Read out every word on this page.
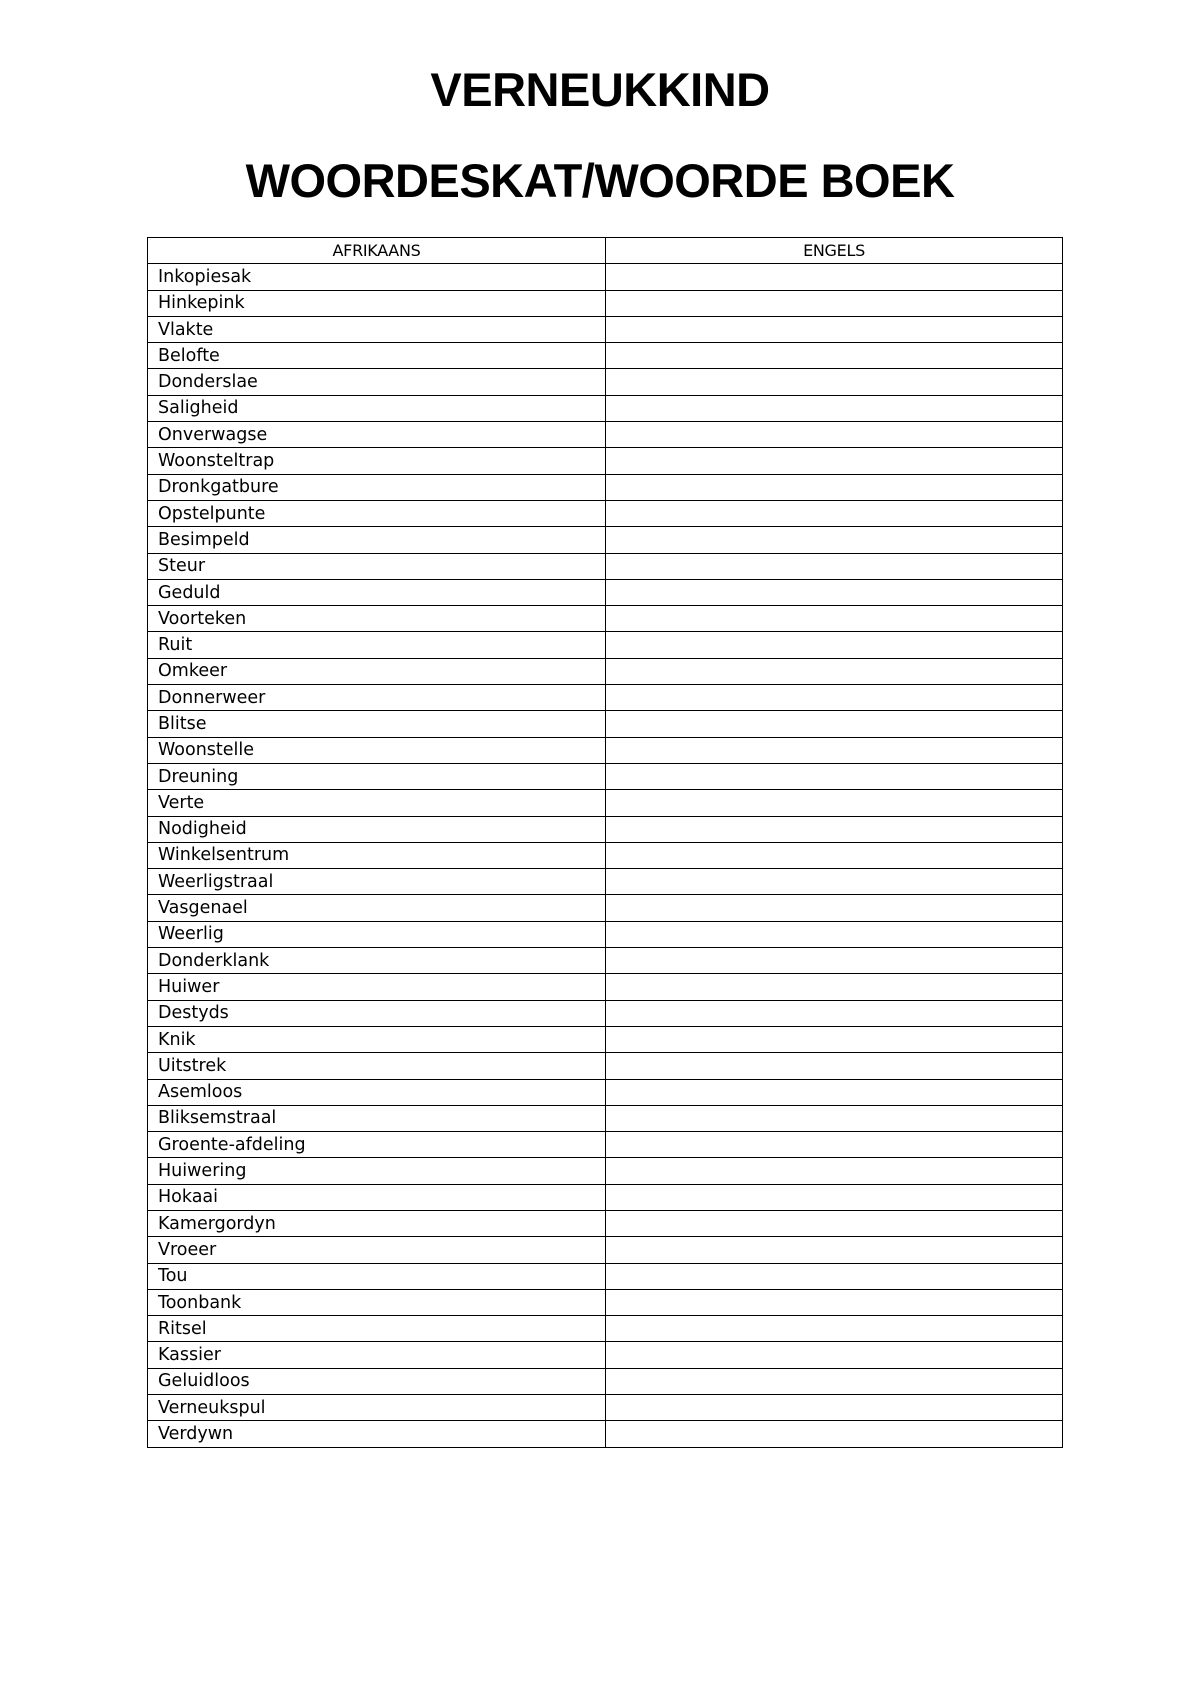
VERNEUKKIND
WOORDESKAT/WOORDE BOEK
AFRIKAANS	ENGELS
Inkopiesak	
Hinkepink	
Vlakte	
Belofte	
Donderslae	
Saligheid	
Onverwagse	
Woonsteltrap	
Dronkgatbure	
Opstelpunte	
Besimpeld	
Steur	
Geduld	
Voorteken	
Ruit	
Omkeer	
Donnerweer	
Blitse	
Woonstelle	
Dreuning	
Verte	
Nodigheid	
Winkelsentrum	
Weerligstraal	
Vasgenael	
Weerlig	
Donderklank	
Huiwer	
Destyds	
Knik	
Uitstrek	
Asemloos	
Bliksemstraal	
Groente-afdeling	
Huiwering	
Hokaai	
Kamergordyn	
Vroeer	
Tou	
Toonbank	
Ritsel	
Kassier	
Geluidloos	
Verneukspul	
Verdywn	
